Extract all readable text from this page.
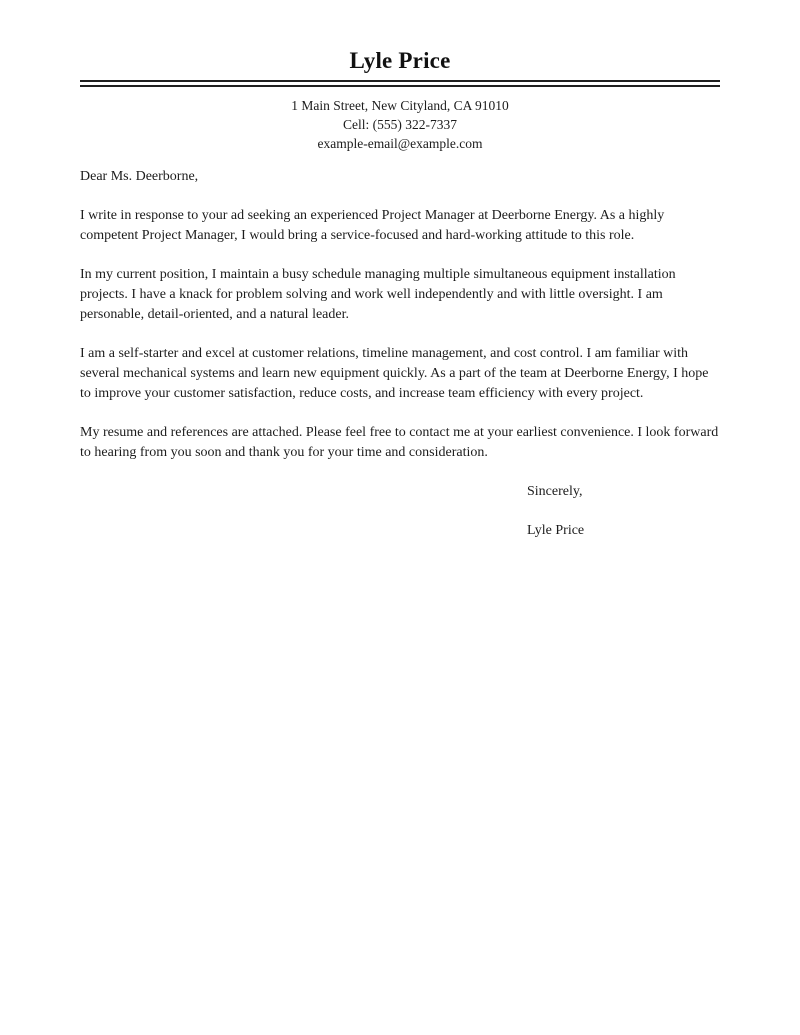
Lyle Price
1 Main Street, New Cityland, CA 91010
Cell: (555) 322-7337
example-email@example.com

Dear Ms. Deerborne,

I write in response to your ad seeking an experienced Project Manager at Deerborne Energy. As a highly competent Project Manager, I would bring a service-focused and hard-working attitude to this role.

In my current position, I maintain a busy schedule managing multiple simultaneous equipment installation projects. I have a knack for problem solving and work well independently and with little oversight. I am personable, detail-oriented, and a natural leader.

I am a self-starter and excel at customer relations, timeline management, and cost control. I am familiar with several mechanical systems and learn new equipment quickly. As a part of the team at Deerborne Energy, I hope to improve your customer satisfaction, reduce costs, and increase team efficiency with every project.

My resume and references are attached. Please feel free to contact me at your earliest convenience. I look forward to hearing from you soon and thank you for your time and consideration.

Sincerely,

Lyle Price
